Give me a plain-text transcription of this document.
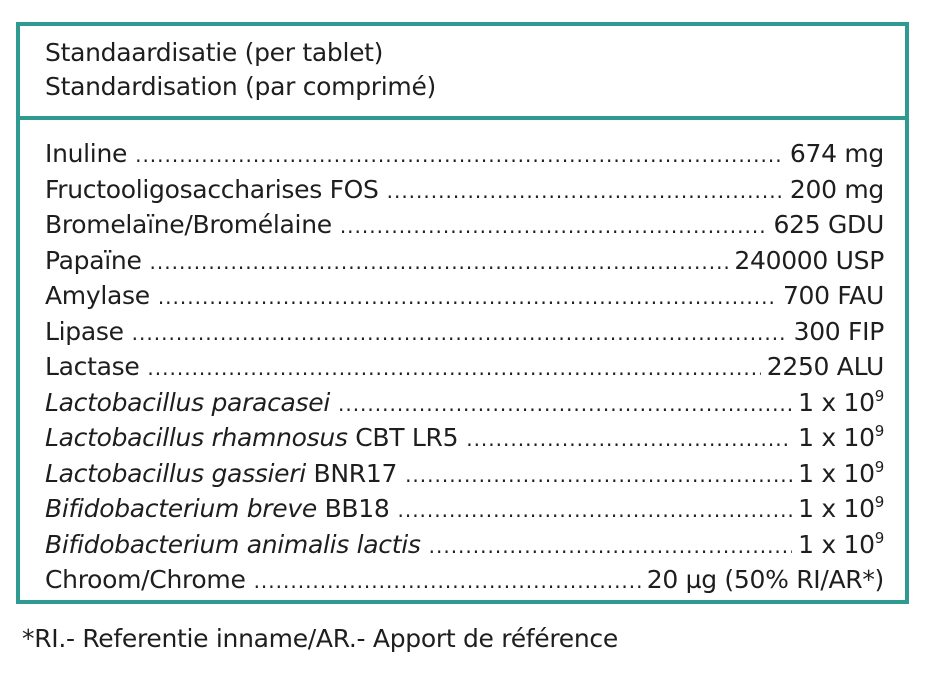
Standaardisatie (per tablet)
Standardisation (par comprimé)
Inuline .....	674 mg
Fructooligosaccharises FOS .....	200 mg
Bromelaïne/Bromélaine .....	625 GDU
Papaïne .....	240000 USP
Amylase .....	700 FAU
Lipase .....	300 FIP
Lactase .....	2250 ALU
Lactobacillus paracasei .....	1 x $10^9$
Lactobacillus rhamnosus CBT LR5 .....	1 x $10^9$
Lactobacillus gassieri BNR17 .....	1 x $10^9$
Bifidobacterium breve BB18 .....	1 x $10^9$
Bifidobacterium animalis lactis .....	1 x $10^9$
Chroom/Chrome .....	20 µg (50% RI/AR*)
*RI.- Referentie inname/AR.- Apport de référence
